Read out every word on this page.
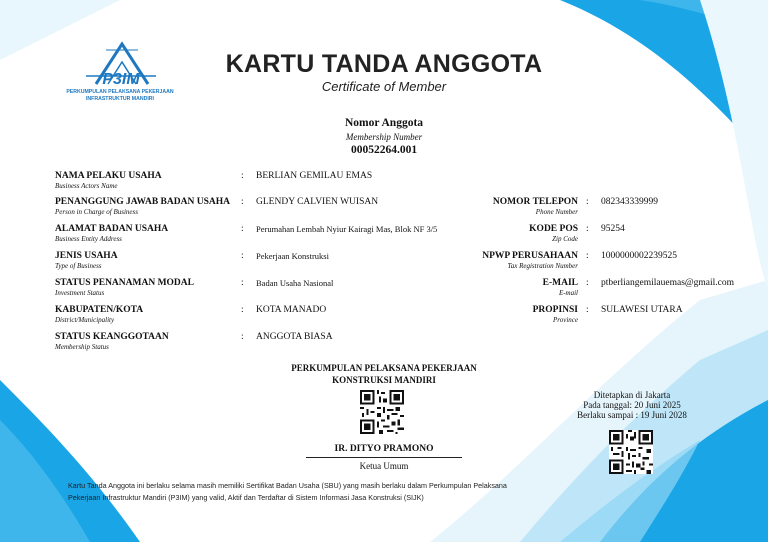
P3IM
PERKUMPULAN PELAKSANA PEKERJAAN
INFRASTRUKTUR MANDIRI
KARTU TANDA ANGGOTA
Certificate of Member
Nomor Anggota
Membership Number
00052264.001
NAMA PELAKU USAHA
Business Actors Name
: BERLIAN GEMILAU EMAS
PENANGGUNG JAWAB BADAN USAHA
Person in Charge of Business
: GLENDY CALVIEN WUISAN
ALAMAT BADAN USAHA
Business Entity Address
: Perumahan Lembah Nyiur Kairagi Mas, Blok NF 3/5
JENIS USAHA
Type of Business
: Pekerjaan Konstruksi
STATUS PENANAMAN MODAL
Investment Status
: Badan Usaha Nasional
KABUPATEN/KOTA
District/Municipality
: KOTA MANADO
STATUS KEANGGOTAAN
Membership Status
: ANGGOTA BIASA
NOMOR TELEPON
Phone Number
: 082343339999
KODE POS
Zip Code
: 95254
NPWP PERUSAHAAN
Tax Registration Number
: 1000000002239525
E-MAIL
E-mail
: ptberliangemilauemas@gmail.com
PROPINSI
Province
: SULAWESI UTARA
PERKUMPULAN PELAKSANA PEKERJAAN
KONSTRUKSI MANDIRI
IR. DITYO PRAMONO
Ketua Umum
Ditetapkan di Jakarta
Pada tanggal: 20 Juni 2025
Berlaku sampai : 19 Juni 2028
Kartu Tanda Anggota ini berlaku selama masih memiliki Sertifikat Badan Usaha (SBU) yang masih berlaku dalam Perkumpulan Pelaksana
Pekerjaan Infrastruktur Mandiri (P3IM) yang valid, Aktif dan Terdaftar di Sistem Informasi Jasa Konstruksi (SIJK)
